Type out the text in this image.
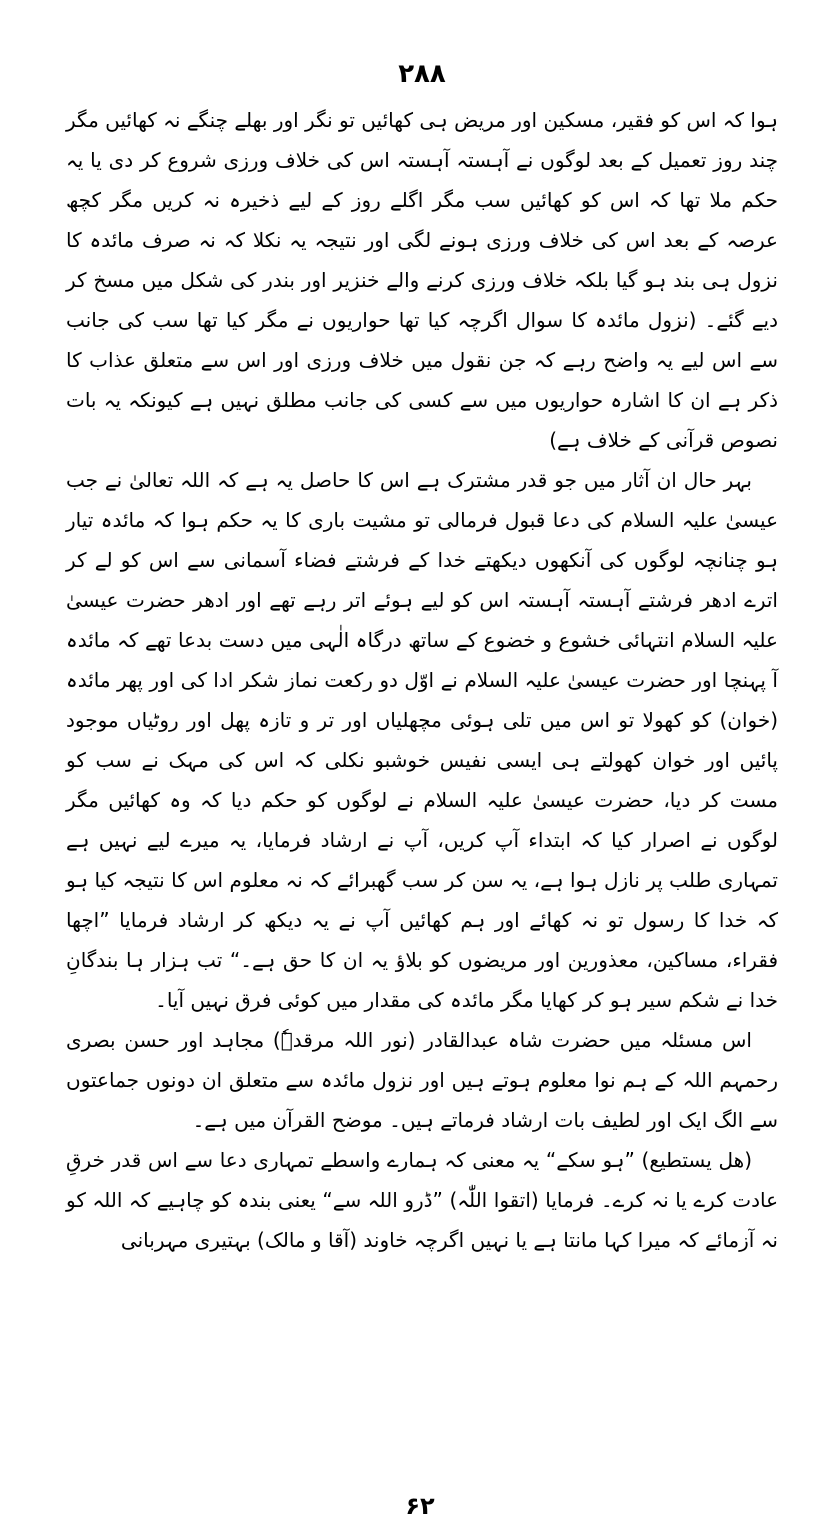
۲۸۸

ہوا کہ اس کو فقیر، مسکین اور مریض ہی کھائیں تو نگر اور بھلے چنگے نہ کھائیں مگر چند روز تعمیل کے بعد لوگوں نے آہستہ آہستہ اس کی خلاف ورزی شروع کر دی یا یہ حکم ملا تھا کہ اس کو کھائیں سب مگر اگلے روز کے لیے ذخیرہ نہ کریں مگر کچھ عرصہ کے بعد اس کی خلاف ورزی ہونے لگی اور نتیجہ یہ نکلا کہ نہ صرف مائدہ کا نزول ہی بند ہو گیا بلکہ خلاف ورزی کرنے والے خنزیر اور بندر کی شکل میں مسخ کر دیے گئے۔ (نزول مائدہ کا سوال اگرچہ کیا تھا حواریوں نے مگر کیا تھا سب کی جانب سے اس لیے یہ واضح رہے کہ جن نقول میں خلاف ورزی اور اس سے متعلق عذاب کا ذکر ہے ان کا اشارہ حواریوں میں سے کسی کی جانب مطلق نہیں ہے کیونکہ یہ بات نصوص قرآنی کے خلاف ہے)

بہر حال ان آثار میں جو قدر مشترک ہے اس کا حاصل یہ ہے کہ اللہ تعالیٰ نے جب عیسیٰ علیہ السلام کی دعا قبول فرمالی تو مشیت باری کا یہ حکم ہوا کہ مائدہ تیار ہو چنانچہ لوگوں کی آنکھوں دیکھتے خدا کے فرشتے فضاء آسمانی سے اس کو لے کر اترے ادھر فرشتے آہستہ آہستہ اس کو لیے ہوئے اتر رہے تھے اور ادھر حضرت عیسیٰ علیہ السلام انتہائی خشوع و خضوع کے ساتھ درگاہ الٰہی میں دست بدعا تھے کہ مائدہ آ پہنچا اور حضرت عیسیٰ علیہ السلام نے اوّل دو رکعت نماز شکر ادا کی اور پھر مائدہ (خوان) کو کھولا تو اس میں تلی ہوئی مچھلیاں اور تر و تازہ پھل اور روٹیاں موجود پائیں اور خوان کھولتے ہی ایسی نفیس خوشبو نکلی کہ اس کی مہک نے سب کو مست کر دیا، حضرت عیسیٰ علیہ السلام نے لوگوں کو حکم دیا کہ وہ کھائیں مگر لوگوں نے اصرار کیا کہ ابتداء آپ کریں، آپ نے ارشاد فرمایا، یہ میرے لیے نہیں ہے تمہاری طلب پر نازل ہوا ہے، یہ سن کر سب گھبرائے کہ نہ معلوم اس کا نتیجہ کیا ہو کہ خدا کا رسول تو نہ کھائے اور ہم کھائیں آپ نے یہ دیکھ کر ارشاد فرمایا ”اچھا فقراء، مساکین، معذورین اور مریضوں کو بلاؤ یہ ان کا حق ہے۔“ تب ہزار ہا بندگانِ خدا نے شکم سیر ہو کر کھایا مگر مائدہ کی مقدار میں کوئی فرق نہیں آیا۔

اس مسئلہ میں حضرت شاہ عبدالقادر (نور اللہ مرقدہٗ) مجاہد اور حسن بصری رحمہم اللہ کے ہم نوا معلوم ہوتے ہیں اور نزول مائدہ سے متعلق ان دونوں جماعتوں سے الگ ایک اور لطیف بات ارشاد فرماتے ہیں۔ موضح القرآن میں ہے۔

(ھل یستطیع) ”ہو سکے“ یہ معنی کہ ہمارے واسطے تمہاری دعا سے اس قدر خرقِ عادت کرے یا نہ کرے۔ فرمایا (اتقوا اللّٰہ) ”ڈرو اللہ سے“ یعنی بندہ کو چاہیے کہ اللہ کو نہ آزمائے کہ میرا کہا مانتا ہے یا نہیں اگرچہ خاوند (آقا و مالک) بہتیری مہربانی

۶۲
